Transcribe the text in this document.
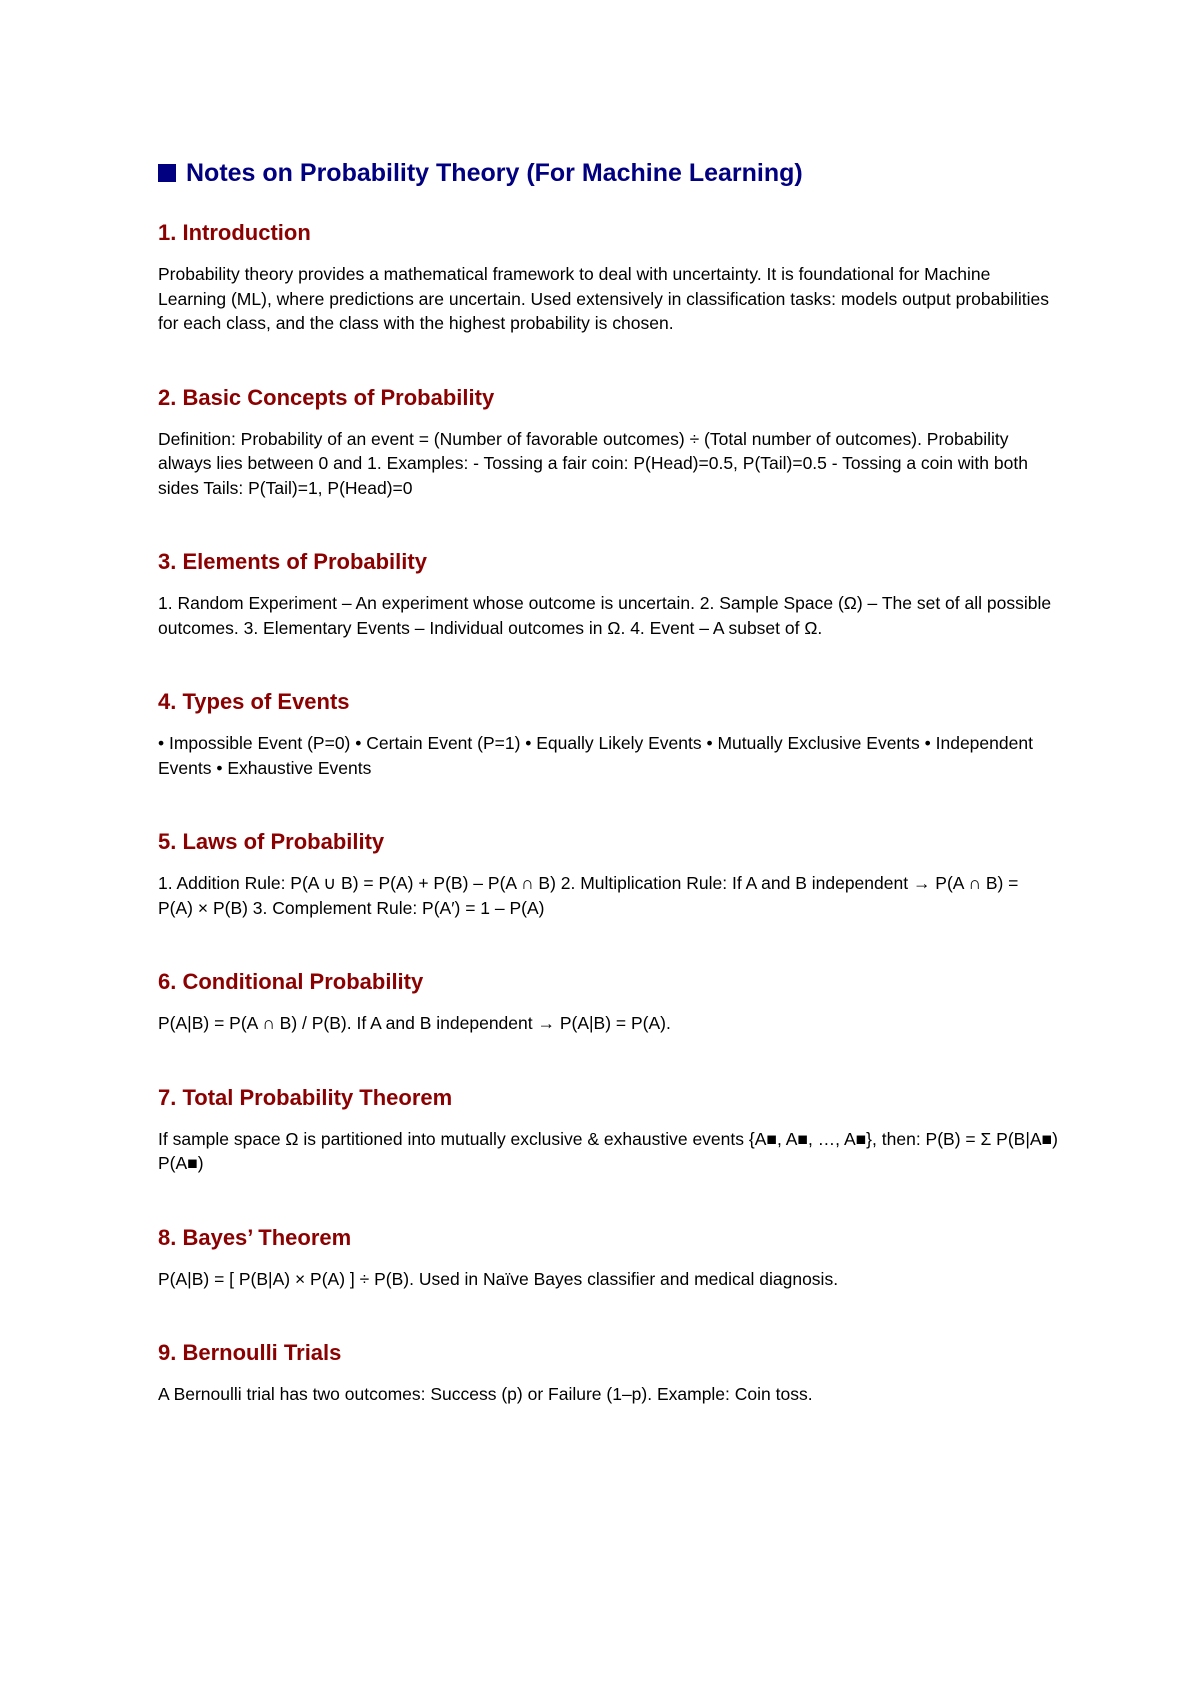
Notes on Probability Theory (For Machine Learning)
1. Introduction

Probability theory provides a mathematical framework to deal with uncertainty. It is foundational for Machine Learning (ML), where predictions are uncertain. Used extensively in classification tasks: models output probabilities for each class, and the class with the highest probability is chosen.

2. Basic Concepts of Probability

Definition: Probability of an event = (Number of favorable outcomes) ÷ (Total number of outcomes). Probability always lies between 0 and 1. Examples: - Tossing a fair coin: P(Head)=0.5, P(Tail)=0.5 - Tossing a coin with both sides Tails: P(Tail)=1, P(Head)=0

3. Elements of Probability

1. Random Experiment – An experiment whose outcome is uncertain. 2. Sample Space (Ω) – The set of all possible outcomes. 3. Elementary Events – Individual outcomes in Ω. 4. Event – A subset of Ω.

4. Types of Events

• Impossible Event (P=0) • Certain Event (P=1) • Equally Likely Events • Mutually Exclusive Events • Independent Events • Exhaustive Events

5. Laws of Probability

1. Addition Rule: P(A ∪ B) = P(A) + P(B) – P(A ∩ B) 2. Multiplication Rule: If A and B independent → P(A ∩ B) = P(A) × P(B) 3. Complement Rule: P(A′) = 1 – P(A)

6. Conditional Probability

P(A|B) = P(A ∩ B) / P(B). If A and B independent → P(A|B) = P(A).

7. Total Probability Theorem

If sample space Ω is partitioned into mutually exclusive & exhaustive events {A■, A■, …, A■}, then: P(B) = Σ P(B|A■) P(A■)

8. Bayes’ Theorem

P(A|B) = [ P(B|A) × P(A) ] ÷ P(B). Used in Naïve Bayes classifier and medical diagnosis.

9. Bernoulli Trials

A Bernoulli trial has two outcomes: Success (p) or Failure (1–p). Example: Coin toss.
